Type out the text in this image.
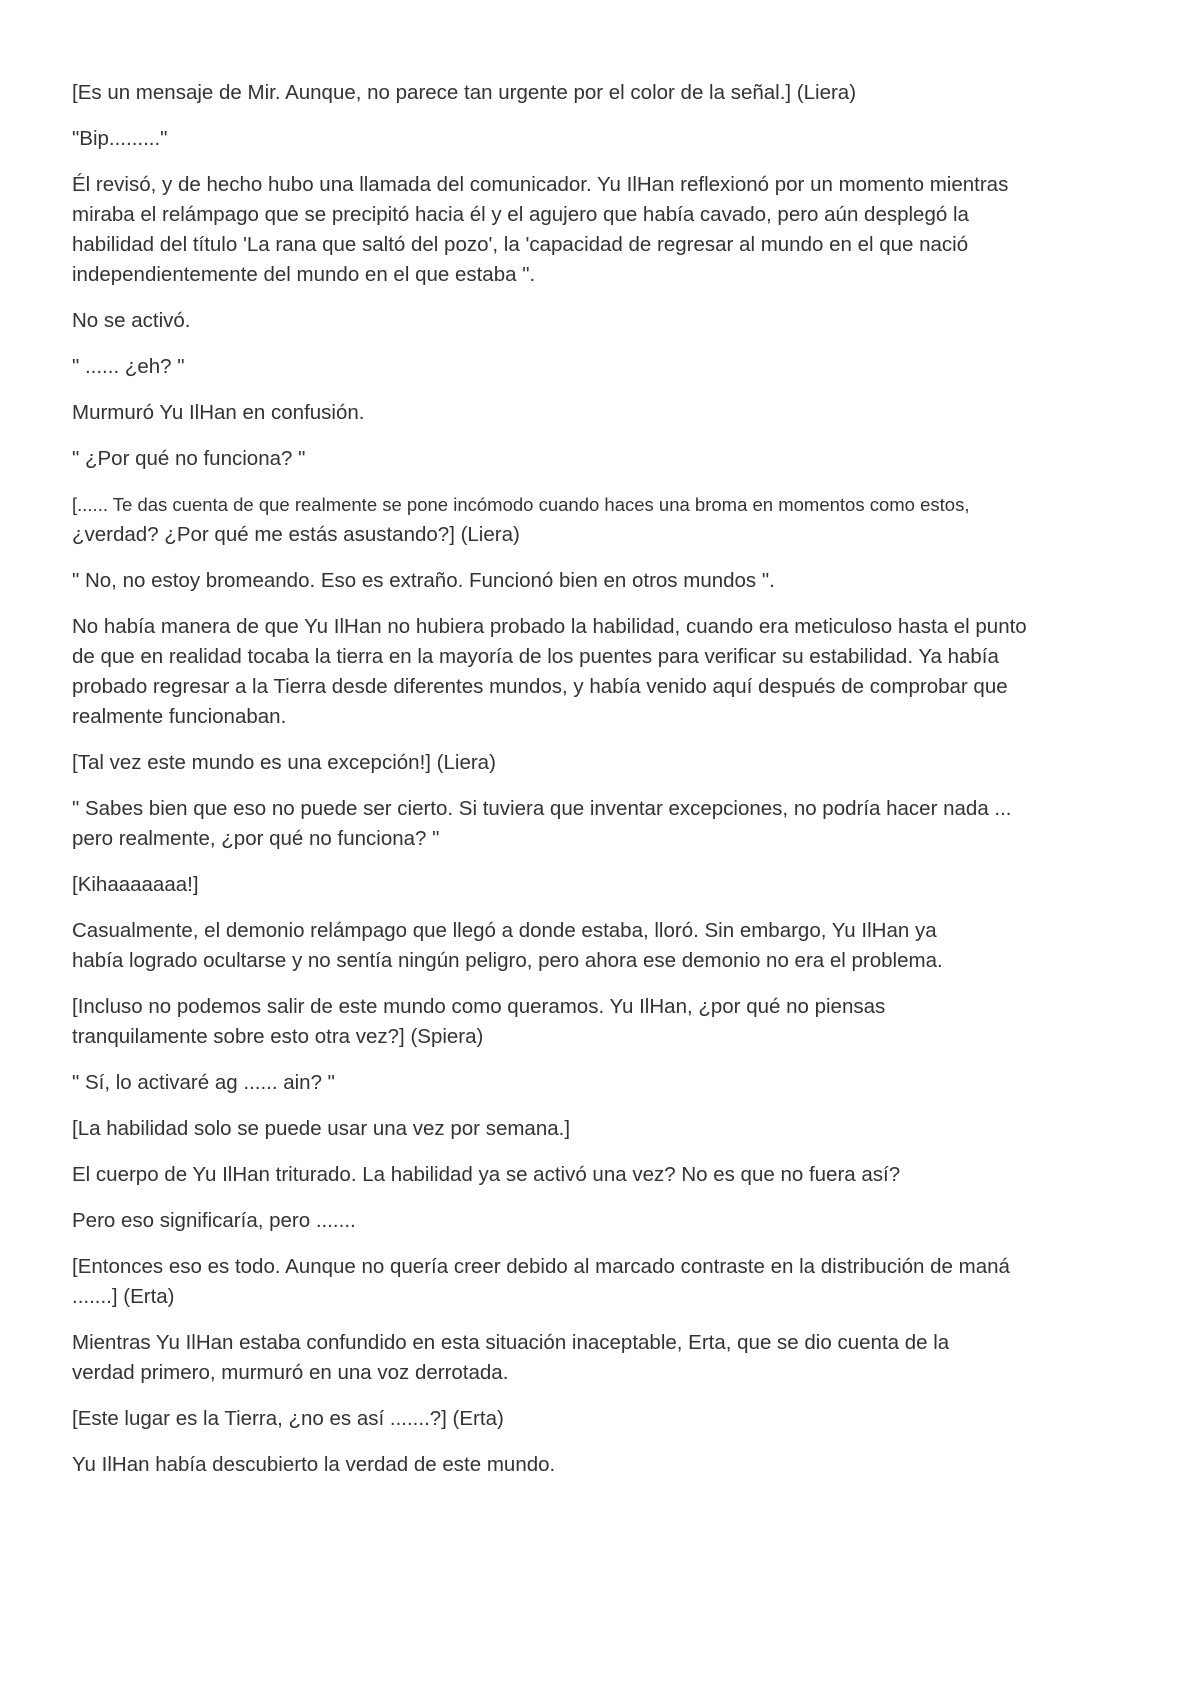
[Es un mensaje de Mir. Aunque, no parece tan urgente por el color de la señal.] (Liera)

"Bip........."

Él revisó, y de hecho hubo una llamada del comunicador. Yu IlHan reflexionó por un momento mientras
miraba el relámpago que se precipitó hacia él y el agujero que había cavado, pero aún desplegó la
habilidad del título 'La rana que saltó del pozo', la 'capacidad de regresar al mundo en el que nació
independientemente del mundo en el que estaba ".

No se activó.

" ...... ¿eh? "

Murmuró Yu IlHan en confusión.

" ¿Por qué no funciona? "

[...... Te das cuenta de que realmente se pone incómodo cuando haces una broma en momentos como estos,
¿verdad? ¿Por qué me estás asustando?] (Liera)

" No, no estoy bromeando. Eso es extraño. Funcionó bien en otros mundos ".

No había manera de que Yu IlHan no hubiera probado la habilidad, cuando era meticuloso hasta el punto
de que en realidad tocaba la tierra en la mayoría de los puentes para verificar su estabilidad. Ya había
probado regresar a la Tierra desde diferentes mundos, y había venido aquí después de comprobar que
realmente funcionaban.

[Tal vez este mundo es una excepción!] (Liera)

" Sabes bien que eso no puede ser cierto. Si tuviera que inventar excepciones, no podría hacer nada ...
pero realmente, ¿por qué no funciona? "

[Kihaaaaaaa!]

Casualmente, el demonio relámpago que llegó a donde estaba, lloró. Sin embargo, Yu IlHan ya
había logrado ocultarse y no sentía ningún peligro, pero ahora ese demonio no era el problema.

[Incluso no podemos salir de este mundo como queramos. Yu IlHan, ¿por qué no piensas
tranquilamente sobre esto otra vez?] (Spiera)

" Sí, lo activaré ag ...... ain? "

[La habilidad solo se puede usar una vez por semana.]

El cuerpo de Yu IlHan triturado. La habilidad ya se activó una vez? No es que no fuera así?

Pero eso significaría, pero .......

[Entonces eso es todo. Aunque no quería creer debido al marcado contraste en la distribución de maná
.......] (Erta)

Mientras Yu IlHan estaba confundido en esta situación inaceptable, Erta, que se dio cuenta de la
verdad primero, murmuró en una voz derrotada.

[Este lugar es la Tierra, ¿no es así .......?] (Erta)

Yu IlHan había descubierto la verdad de este mundo.
